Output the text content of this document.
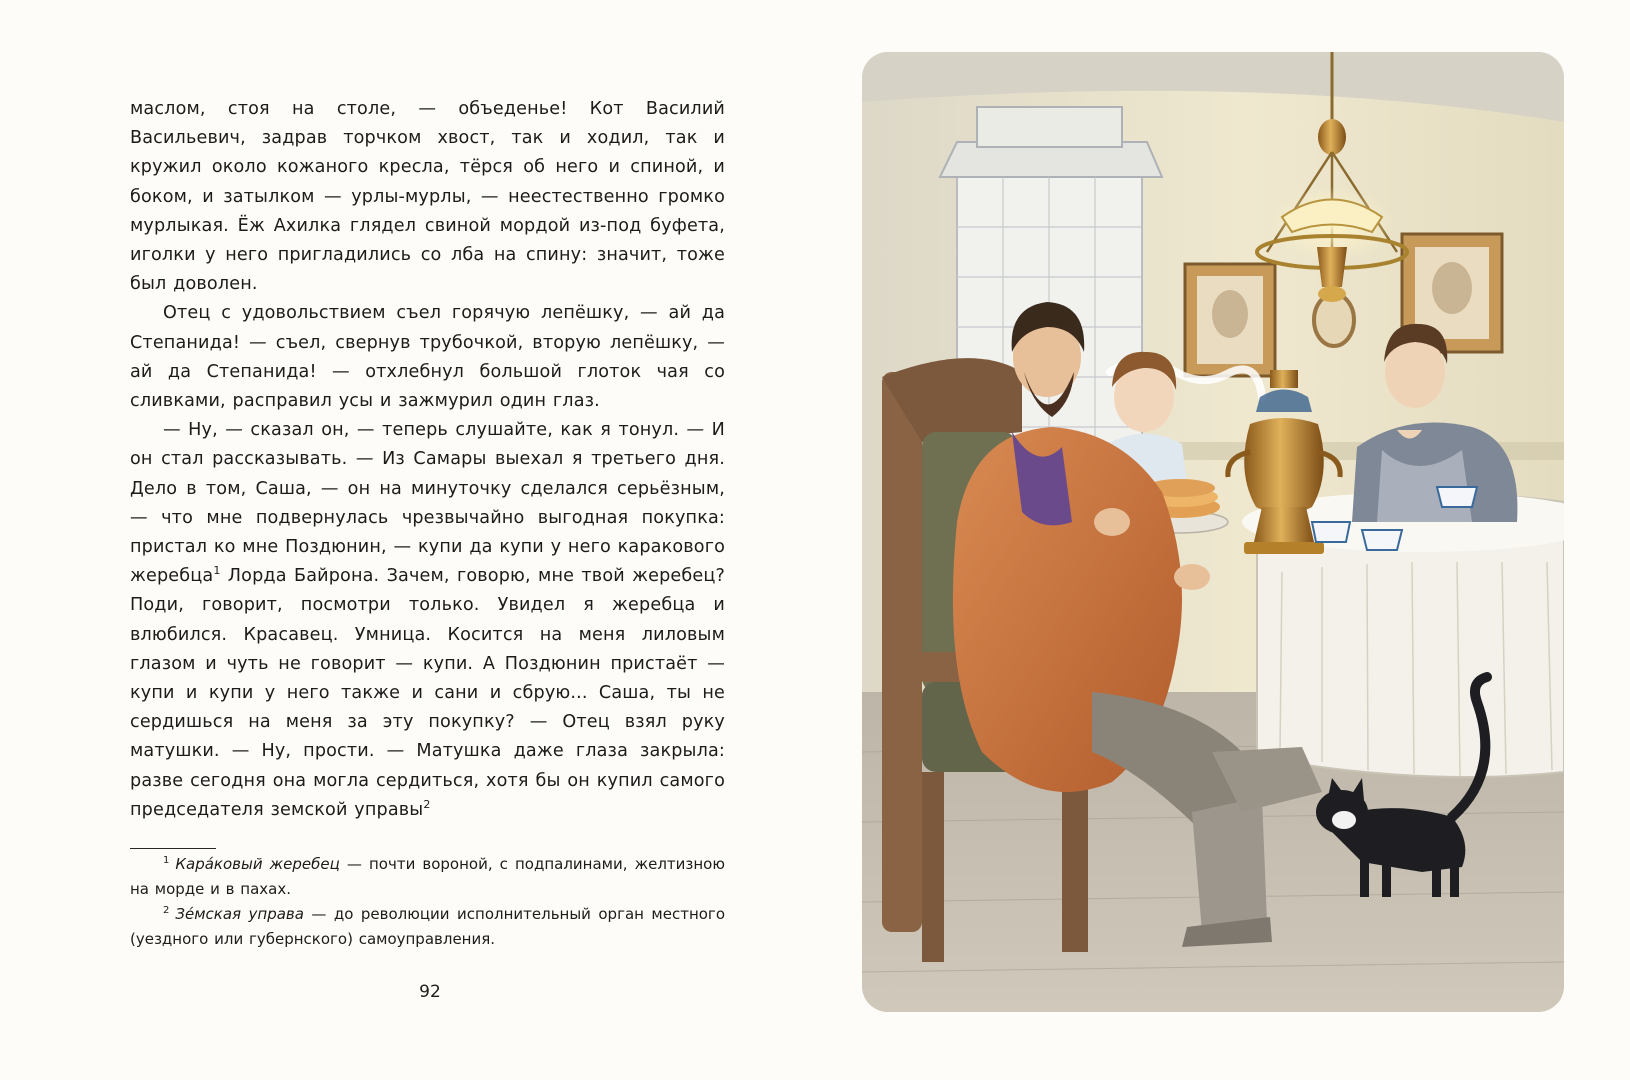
маслом, стоя на столе, — объеденье! Кот Василий Васильевич, задрав торчком хвост, так и ходил, так и кружил около кожаного кресла, тёрся об него и спиной, и боком, и затылком — урлы-мурлы, — неестественно громко мурлыкая. Ёж Ахилка глядел свиной мордой из-под буфета, иголки у него пригладились со лба на спину: значит, тоже был доволен.

Отец с удовольствием съел горячую лепёшку, — ай да Степанида! — съел, свернув трубочкой, вторую лепёшку, — ай да Степанида! — отхлебнул большой глоток чая со сливками, расправил усы и зажмурил один глаз.

— Ну, — сказал он, — теперь слушайте, как я тонул. — И он стал рассказывать. — Из Самары выехал я третьего дня. Дело в том, Саша, — он на минуточку сделался серьёзным, — что мне подвернулась чрезвычайно выгодная покупка: пристал ко мне Поздюнин, — купи да купи у него каракового жеребца$^1$ Лорда Байрона. Зачем, говорю, мне твой жеребец? Поди, говорит, посмотри только. Увидел я жеребца и влюбился. Красавец. Умница. Косится на меня лиловым глазом и чуть не говорит — купи. А Поздюнин пристаёт — купи и купи у него также и сани и сбрую... Саша, ты не сердишься на меня за эту покупку? — Отец взял руку матушки. — Ну, прости. — Матушка даже глаза закрыла: разве сегодня она могла сердиться, хотя бы он купил самого председателя земской управы$^2$

$^1$ Кара́ковый жеребец — почти вороной, с подпалинами, желтизною на морде и в пахах.

$^2$ Зе́мская управа — до революции исполнительный орган местного (уездного или губернского) самоуправления.

92
